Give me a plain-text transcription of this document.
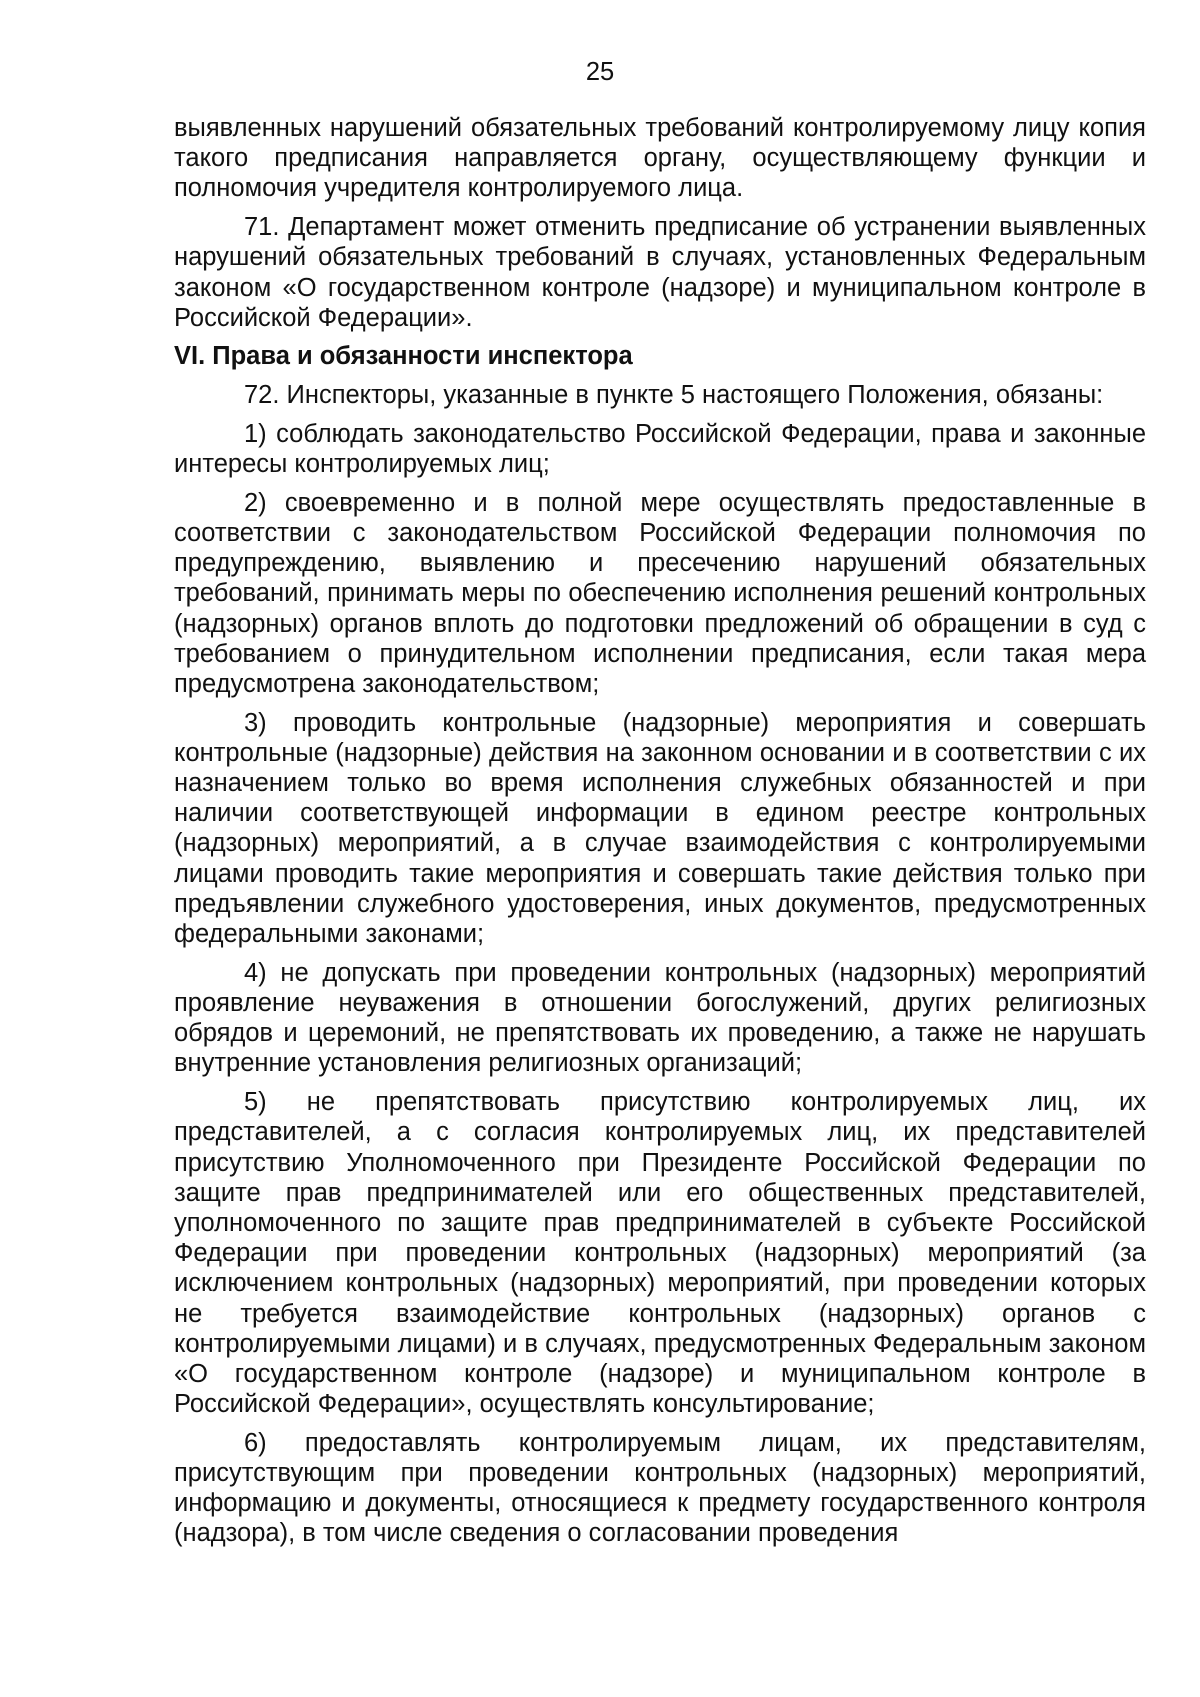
25

выявленных нарушений обязательных требований контролируемому лицу копия такого предписания направляется органу, осуществляющему функции и полномочия учредителя контролируемого лица.

71. Департамент может отменить предписание об устранении выявленных нарушений обязательных требований в случаях, установленных Федеральным законом «О государственном контроле (надзоре) и муниципальном контроле в Российской Федерации».

VI. Права и обязанности инспектора

72. Инспекторы, указанные в пункте 5 настоящего Положения, обязаны:

1) соблюдать законодательство Российской Федерации, права и законные интересы контролируемых лиц;

2) своевременно и в полной мере осуществлять предоставленные в соответствии с законодательством Российской Федерации полномочия по предупреждению, выявлению и пресечению нарушений обязательных требований, принимать меры по обеспечению исполнения решений контрольных (надзорных) органов вплоть до подготовки предложений об обращении в суд с требованием о принудительном исполнении предписания, если такая мера предусмотрена законодательством;

3) проводить контрольные (надзорные) мероприятия и совершать контрольные (надзорные) действия на законном основании и в соответствии с их назначением только во время исполнения служебных обязанностей и при наличии соответствующей информации в едином реестре контрольных (надзорных) мероприятий, а в случае взаимодействия с контролируемыми лицами проводить такие мероприятия и совершать такие действия только при предъявлении служебного удостоверения, иных документов, предусмотренных федеральными законами;

4) не допускать при проведении контрольных (надзорных) мероприятий проявление неуважения в отношении богослужений, других религиозных обрядов и церемоний, не препятствовать их проведению, а также не нарушать внутренние установления религиозных организаций;

5) не препятствовать присутствию контролируемых лиц, их представителей, а с согласия контролируемых лиц, их представителей присутствию Уполномоченного при Президенте Российской Федерации по защите прав предпринимателей или его общественных представителей, уполномоченного по защите прав предпринимателей в субъекте Российской Федерации при проведении контрольных (надзорных) мероприятий (за исключением контрольных (надзорных) мероприятий, при проведении которых не требуется взаимодействие контрольных (надзорных) органов с контролируемыми лицами) и в случаях, предусмотренных Федеральным законом «О государственном контроле (надзоре) и муниципальном контроле в Российской Федерации», осуществлять консультирование;

6) предоставлять контролируемым лицам, их представителям, присутствующим при проведении контрольных (надзорных) мероприятий, информацию и документы, относящиеся к предмету государственного контроля (надзора), в том числе сведения о согласовании проведения
